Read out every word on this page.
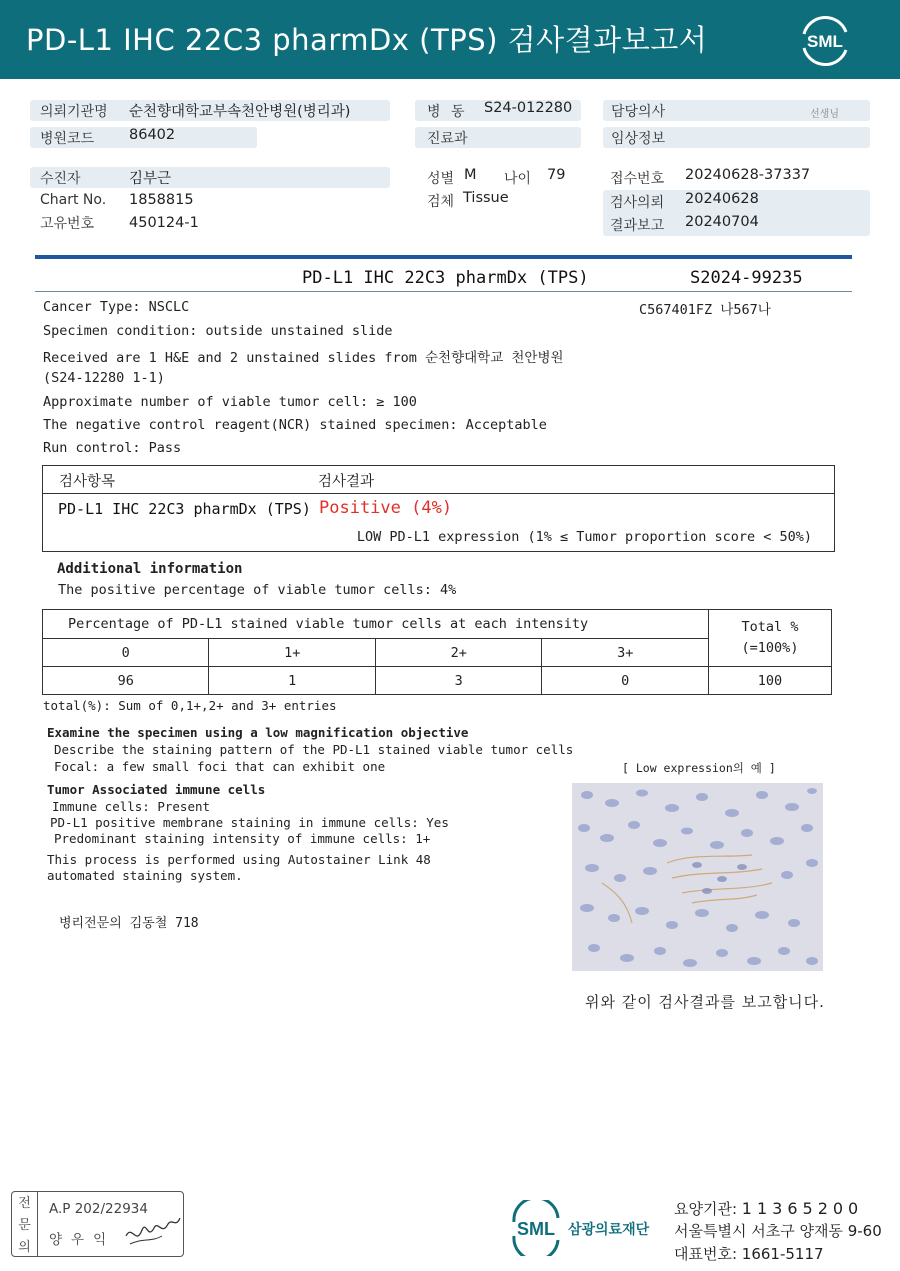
PD-L1 IHC 22C3 pharmDx (TPS) 검사결과보고서	SML
의뢰기관명 순천향대학교부속천안병원(병리과)
병원코드 86402
병 동 S24-012280
진료과
담당의사	선생님
임상정보
수진자	김부근
Chart No. 1858815
고유번호 450124-1
성별 M 나이 79
검체 Tissue
접수번호 20240628-37337
검사의뢰 20240628
결과보고 20240704
PD-L1 IHC 22C3 pharmDx (TPS)	S2024-99235
Cancer Type: NSCLC	C567401FZ 나567나
Specimen condition: outside unstained slide
Received are 1 H&E and 2 unstained slides from 순천향대학교 천안병원
(S24-12280 1-1)
Approximate number of viable tumor cell: ≥ 100
The negative control reagent(NCR) stained specimen: Acceptable
Run control: Pass
검사항목	검사결과
PD-L1 IHC 22C3 pharmDx (TPS) Positive (4%)
LOW PD-L1 expression (1% ≤ Tumor proportion score < 50%)
Additional information
The positive percentage of viable tumor cells: 4%
Percentage of PD-L1 stained viable tumor cells at each intensity				Total %
(=100%)

0	1+	2+	3+	
96	1	3	0	100
total(%): Sum of 0,1+,2+ and 3+ entries
Examine the specimen using a low magnification objective
Describe the staining pattern of the PD-L1 stained viable tumor cells
Focal: a few small foci that can exhibit one	[ Low expression의 예 ]
Tumor Associated immune cells
Immune cells: Present
PD-L1 positive membrane staining in immune cells: Yes
Predominant staining intensity of immune cells: 1+
This process is performed using Autostainer Link 48
automated staining system.
병리전문의 김동철 718
위와 같이 검사결과를 보고합니다.
전
문
의
A.P 202/22934
양우익
SML 삼광의료재단
요양기관: 11365200
서울특별시 서초구 양재동 9-60
대표번호: 1661-5117
